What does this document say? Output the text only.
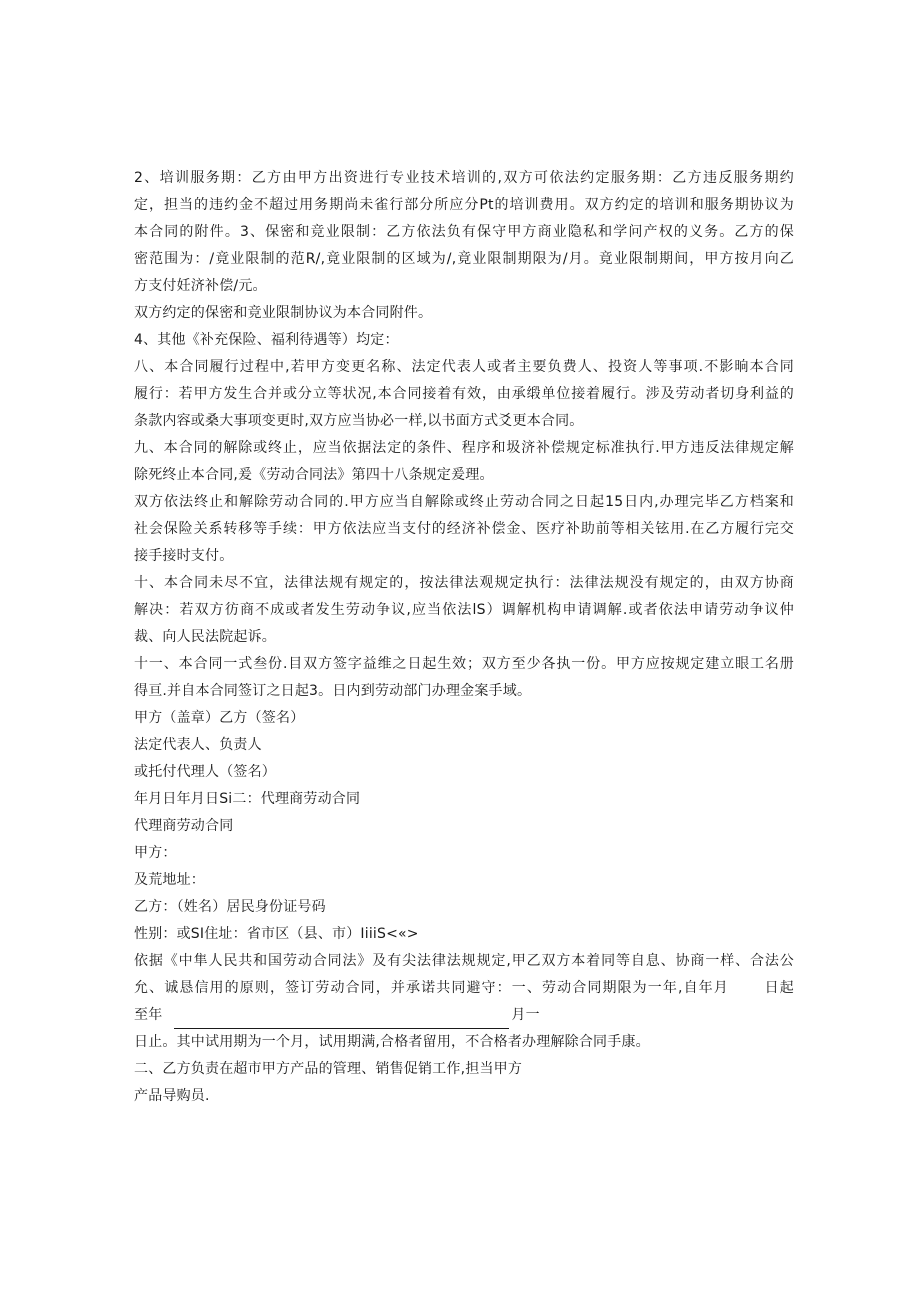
2、培训服务期：乙方由甲方出资进行专业技术培训的,双方可依法约定服务期：乙方违反服务期约
定，担当的违约金不超过用务期尚未雀行部分所应分Pt的培训费用。双方约定的培训和服务期协议为
本合同的附件。3、保密和竞业限制：乙方依法负有保守甲方商业隐私和学问产权的义务。乙方的保
密范围为：/竟业限制的范R/,竟业限制的区域为/,竟业限制期限为/月。竟业限制期间，甲方按月向乙
方支付妊济补偿/元。
双方约定的保密和竞业限制协议为本合同附件。
4、其他《补充保险、福利待遇等）均定：
八、本合同履行过程中,若甲方变更名称、法定代表人或者主要负费人、投资人等事项.不影晌本合同
履行：若甲方发生合并或分立等状况,本合同接着有效，由承缎单位接着履行。涉及劳动者切身利益的
条款内容或桑大事项变更时,双方应当协必一样,以书面方式爻更本合同。
九、本合同的解除或终止，应当依据法定的条件、程序和圾济补偿规定标准执行.甲方违反法律规定解
除死终止本合同,爰《劳动合同法》第四十八条规定爰理。
双方依法终止和解除劳动合同的.甲方应当自解除或终止劳动合同之日起15日内,办理完毕乙方档案和
社会保险关系转移等手续：甲方依法应当支付的经济补偿金、医疗补助前等相关铉用.在乙方履行完交
接手接时支付。
十、本合同未尽不宜，法律法规有规定的，按法律法观规定执行：法律法规没有规定的，由双方协商
解决：若双方彷商不成或者发生劳动争议,应当依法lS）调解机构申请调解.或者依法申请劳动争议仲
裁、向人民法院起诉。
十一、本合同一式叁份.目双方签字益维之日起生效；双方至少各执一份。甲方应按规定建立眼工名册
得亘.并自本合同签订之日起3。日内到劳动部门办理金案手域。
甲方（盖章）乙方（签名）
法定代表人、负责人
或托付代理人（签名）
年月日年月日Si二：代理商劳动合同
代理商劳动合同
甲方：
及荒地址：
乙方：（姓名）居民身份证号码
性别：或SI住址：省市区（县、市）IiiiS<«>
依据《中隼人民共和国劳动合同法》及有尖法律法规规定,甲乙双方本着同等自息、协商一样、合法公
允、诚恳信用的原则，签订劳动合同，并承诺共同避守：一、劳动合同期限为一年,自年月　　 日起
至年	月一
日止。其中试用期为一个月，试用期满,合格者留用，不合格者办理解除合同手康。
二、乙方负责在超市甲方产品的管理、销售促销工作,担当甲方
产品导购员.
